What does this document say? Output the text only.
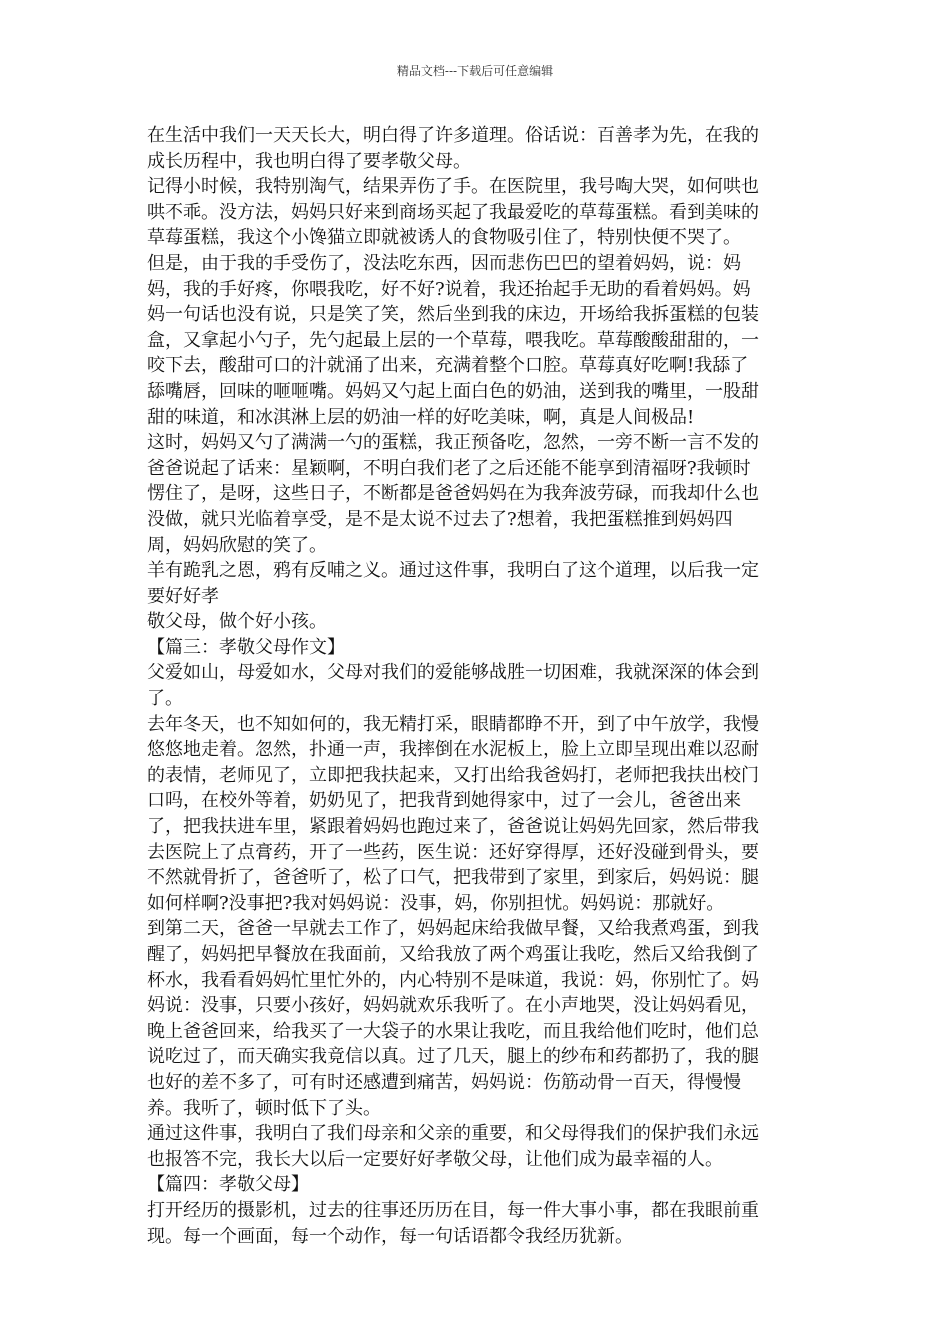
精品文档---下载后可任意编辑
在生活中我们一天天长大，明白得了许多道理。俗话说：百善孝为先，在我的
成长历程中，我也明白得了要孝敬父母。
记得小时候，我特别淘气，结果弄伤了手。在医院里，我号啕大哭，如何哄也
哄不乖。没方法，妈妈只好来到商场买起了我最爱吃的草莓蛋糕。看到美味的
草莓蛋糕，我这个小馋猫立即就被诱人的食物吸引住了，特别快便不哭了。
但是，由于我的手受伤了，没法吃东西，因而悲伤巴巴的望着妈妈，说：妈
妈，我的手好疼，你喂我吃，好不好?说着，我还抬起手无助的看着妈妈。妈
妈一句话也没有说，只是笑了笑，然后坐到我的床边，开场给我拆蛋糕的包装
盒，又拿起小勺子，先勺起最上层的一个草莓，喂我吃。草莓酸酸甜甜的，一
咬下去，酸甜可口的汁就涌了出来，充满着整个口腔。草莓真好吃啊!我舔了
舔嘴唇，回味的咂咂嘴。妈妈又勺起上面白色的奶油，送到我的嘴里，一股甜
甜的味道，和冰淇淋上层的奶油一样的好吃美味，啊，真是人间极品!
这时，妈妈又勺了满满一勺的蛋糕，我正预备吃，忽然，一旁不断一言不发的
爸爸说起了话来：星颖啊，不明白我们老了之后还能不能享到清福呀?我顿时
愣住了，是呀，这些日子，不断都是爸爸妈妈在为我奔波劳碌，而我却什么也
没做，就只光临着享受，是不是太说不过去了?想着，我把蛋糕推到妈妈四
周，妈妈欣慰的笑了。
羊有跪乳之恩，鸦有反哺之义。通过这件事，我明白了这个道理，以后我一定
要好好孝
敬父母，做个好小孩。
【篇三：孝敬父母作文】
父爱如山，母爱如水，父母对我们的爱能够战胜一切困难，我就深深的体会到
了。
去年冬天，也不知如何的，我无精打采，眼睛都睁不开，到了中午放学，我慢
悠悠地走着。忽然，扑通一声，我摔倒在水泥板上，脸上立即呈现出难以忍耐
的表情，老师见了，立即把我扶起来，又打出给我爸妈打，老师把我扶出校门
口吗，在校外等着，奶奶见了，把我背到她得家中，过了一会儿，爸爸出来
了，把我扶进车里，紧跟着妈妈也跑过来了，爸爸说让妈妈先回家，然后带我
去医院上了点膏药，开了一些药，医生说：还好穿得厚，还好没碰到骨头，要
不然就骨折了，爸爸听了，松了口气，把我带到了家里，到家后，妈妈说：腿
如何样啊?没事把?我对妈妈说：没事，妈，你别担忧。妈妈说：那就好。
到第二天，爸爸一早就去工作了，妈妈起床给我做早餐，又给我煮鸡蛋，到我
醒了，妈妈把早餐放在我面前，又给我放了两个鸡蛋让我吃，然后又给我倒了
杯水，我看看妈妈忙里忙外的，内心特别不是味道，我说：妈，你别忙了。妈
妈说：没事，只要小孩好，妈妈就欢乐我听了。在小声地哭，没让妈妈看见，
晚上爸爸回来，给我买了一大袋子的水果让我吃，而且我给他们吃时，他们总
说吃过了，而天确实我竟信以真。过了几天，腿上的纱布和药都扔了，我的腿
也好的差不多了，可有时还感遭到痛苦，妈妈说：伤筋动骨一百天，得慢慢
养。我听了，顿时低下了头。
通过这件事，我明白了我们母亲和父亲的重要，和父母得我们的保护我们永远
也报答不完，我长大以后一定要好好孝敬父母，让他们成为最幸福的人。
【篇四：孝敬父母】
打开经历的摄影机，过去的往事还历历在目，每一件大事小事，都在我眼前重
现。每一个画面，每一个动作，每一句话语都令我经历犹新。
